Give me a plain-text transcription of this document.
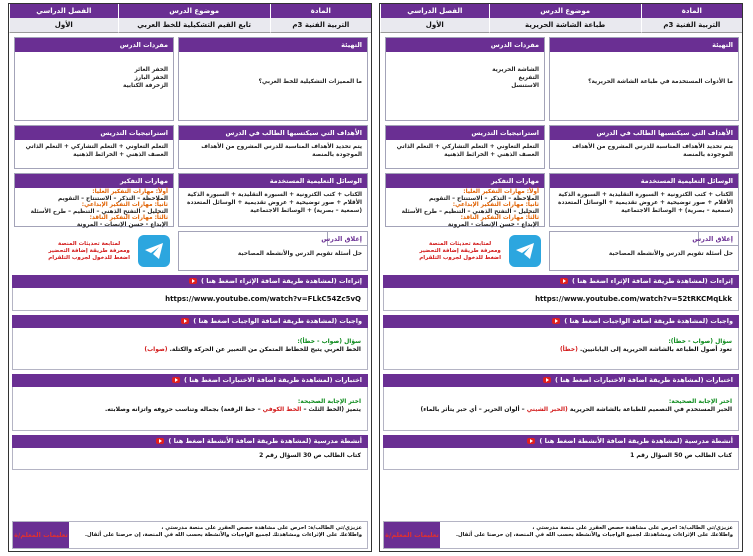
المادة
موضوع الدرس
الفصل الدراسي
التربية الفنية 3م
طباعة الشاشة الحريرية
الأول
التهيئة
ما الأدوات المستخدمة في طباعة الشاشة الحريرية؟
مفردات الدرس
الشاشة الحريرية
التفريغ
الاستنسل
الأهداف التي سيكتسبها الطالب في الدرس
يتم تحديد الأهداف المناسبة للدرس المشروح من الأهداف الموجودة بالمنصة
استراتيجيات التدريس
التعلم التعاوني + التعلم التشاركي + التعلم الذاتي
العصف الذهني + الخرائط الذهنية
الوسائل التعليمية المستخدمة
الكتاب + كتب الكترونية + السبورة التقليدية + السبورة الذكية
الأقلام + صور توضيحية + عروض تقديمية + الوسائل المتعددة
(سمعية – بصرية) + الوسائط الاجتماعية
مهارات التفكير
أولاً: مهارات التفكير العليا:
الملاحظة – التذكر – الاستنتاج – التقويم
ثانياً: مهارات التفكير الإبداعي:
التحليل – التفتح الذهني – التنظيم – طرح الأسئلة
ثالثاً: مهارات التفكير الناقد:
الإبداع - حسن الإنصات - المرونة
إغلاق الدرس
حل أسئلة تقويم الدرس والأنشطة المصاحبة
لمتابعة تحديثات المنصة
ومعرفة طريقة إضافة التحضير
اضغط للدخول لجروب التلقرام
إثراءات (لمشاهدة طريقة اضافة الإثراء اضغط هنا )
https://www.youtube.com/watch?v=52tRKCMqLkk
واجبات (لمشاهدة طريقة اضافة الواجبات اضغط هنا )
سؤال (صواب - خطأ):
تعود أصول الطباعة بالشاشة الحريرية إلى اليابانيين. (خطأ)
اختبارات (لمشاهدة طريقة اضافة الاختبارات اضغط هنا )
اختر الإجابة الصحيحة:
الحبر المستخدم في التصميم للطباعة بالشاشة الحريرية (الحبر الشيني – ألوان الحرير – أي حبر يتأثر بالماء)
أنشطة مدرسية (لمشاهدة طريقة اضافة الأنشطة اضغط هنا )
كتاب الطالب ص 50 السؤال رقم 1
عزيزي/تي الطالب/ة: احرص على مشاهدة حصص العقرر على منصة مدرستي ،
واطلاعك على الإثراءات ومشاهدتك لجميع الواجبات والأنشطة بحسب الله في المنصة، إن حرصنا على أثقال.
تعليمات المعلم/ة
المادة
موضوع الدرس
الفصل الدراسي
التربية الفنية 3م
تابع القيم التشكيلية للخط العربي
الأول
التهيئة
ما المميزات التشكيلية للخط العربي؟
مفردات الدرس
الحفر الغائر
الحفر البارز
الزخرفة الكتابية
الأهداف التي سيكتسبها الطالب في الدرس
يتم تحديد الأهداف المناسبة للدرس المشروح من الأهداف الموجودة بالمنصة
استراتيجيات التدريس
التعلم التعاوني + التعلم التشاركي + التعلم الذاتي
العصف الذهني + الخرائط الذهنية
الوسائل التعليمية المستخدمة
الكتاب + كتب الكترونية + السبورة التقليدية + السبورة الذكية
الأقلام + صور توضيحية + عروض تقديمية + الوسائل المتعددة
(سمعية – بصرية) + الوسائط الاجتماعية
مهارات التفكير
أولاً: مهارات التفكير العليا:
الملاحظة – التذكر – الاستنتاج – التقويم
ثانياً: مهارات التفكير الإبداعي:
التحليل – التفتح الذهني – التنظيم – طرح الأسئلة
ثالثاً: مهارات التفكير الناقد:
الإبداع - حسن الإنصات - المرونة
إغلاق الدرس
حل أسئلة تقويم الدرس والأنشطة المصاحبة
لمتابعة تحديثات المنصة
ومعرفة طريقة إضافة التحضير
اضغط للدخول لجروب التلقرام
إثراءات (لمشاهدة طريقة اضافة الإثراء اضغط هنا )
https://www.youtube.com/watch?v=FLkC54Zc5vQ
واجبات (لمشاهدة طريقة اضافة الواجبات اضغط هنا )
سؤال (صواب - خطأ):
الخط العربي يتيح للخطاط المتمكن من التعبير عن الحركة والكتلة. (صواب)
اختبارات (لمشاهدة طريقة اضافة الاختبارات اضغط هنا )
اختر الإجابة الصحيحة:
يتميز (الخط الثلث – الخط الكوفي – خط الرقعة) بجماله وتناسب حروفه واتزانه وصلابته.
أنشطة مدرسية (لمشاهدة طريقة اضافة الأنشطة اضغط هنا )
كتاب الطالب ص 30 السؤال رقم 2
عزيزي/تي الطالب/ة: احرص على مشاهدة حصص العقرر على منصة مدرستي ،
واطلاعك على الإثراءات ومشاهدتك لجميع الواجبات والأنشطة بحسب الله في المنصة، إن حرصنا على أثقال.
تعليمات المعلم/ة
